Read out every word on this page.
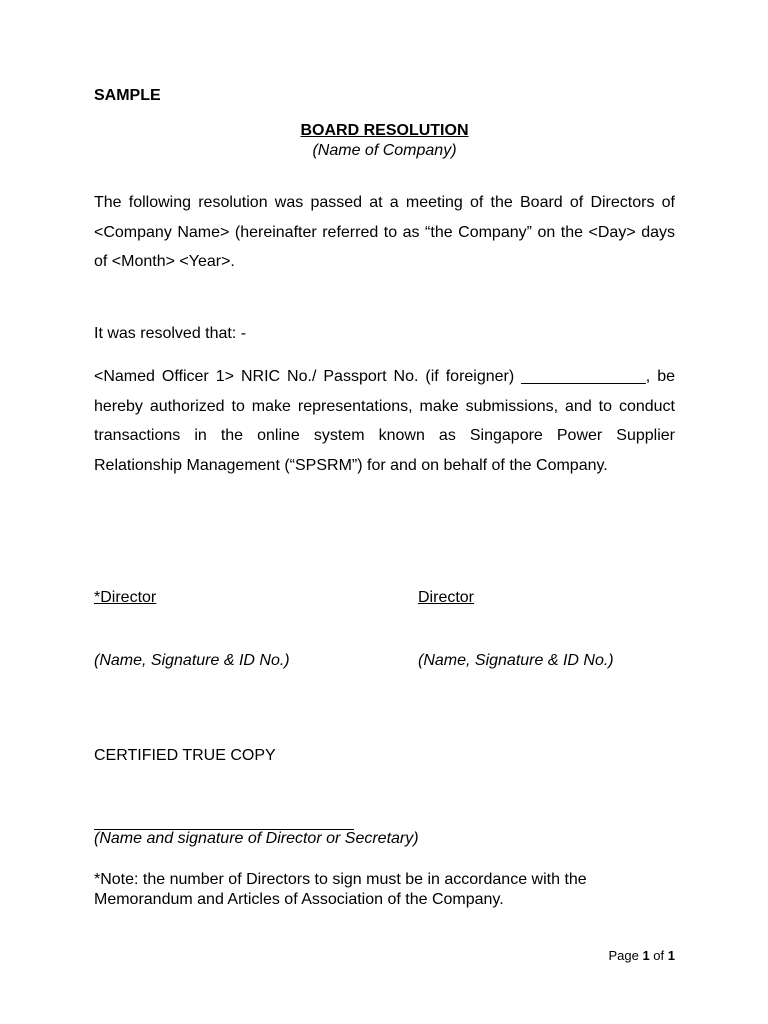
SAMPLE

BOARD RESOLUTION

(Name of Company)

The following resolution was passed at a meeting of the Board of Directors of <Company Name> (hereinafter referred to as “the Company” on the <Day> days of <Month> <Year>.

It was resolved that: -

<Named Officer 1> NRIC No./ Passport No. (if foreigner) ______________, be hereby authorized to make representations, make submissions, and to conduct transactions in the online system known as Singapore Power Supplier Relationship Management (“SPSRM”) for and on behalf of the Company.

*Director	Director

(Name, Signature & ID No.)	(Name, Signature & ID No.)

CERTIFIED TRUE COPY

(Name and signature of Director or Secretary)

*Note: the number of Directors to sign must be in accordance with the Memorandum and Articles of Association of the Company.

Page 1 of 1
